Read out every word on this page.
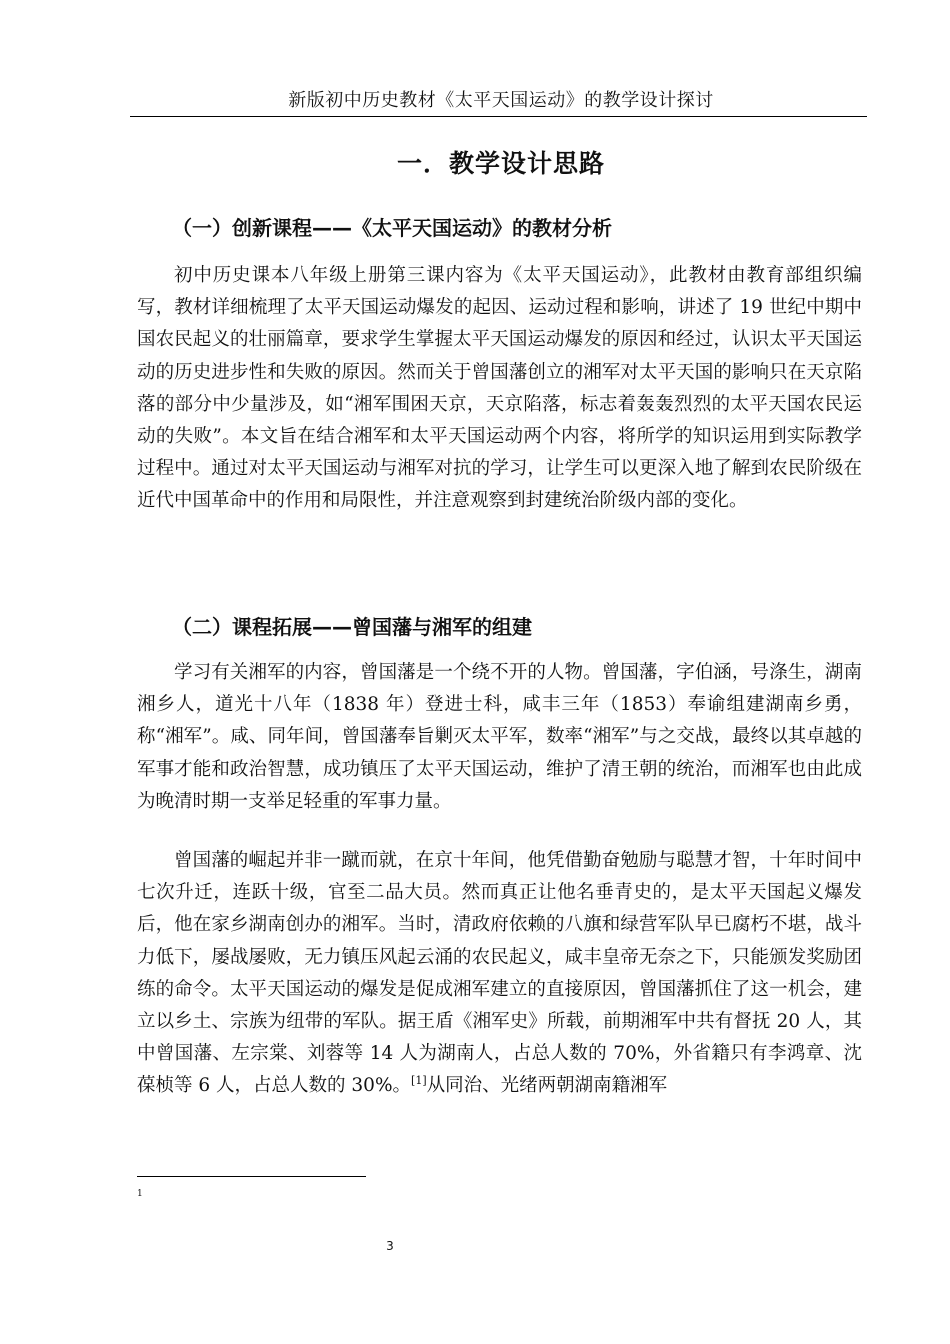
新版初中历史教材《太平天国运动》的教学设计探讨
一．教学设计思路
（一）创新课程——《太平天国运动》的教材分析

初中历史课本八年级上册第三课内容为《太平天国运动》，此教材由教育部组织编写，教材详细梳理了太平天国运动爆发的起因、运动过程和影响，讲述了 19 世纪中期中国农民起义的壮丽篇章，要求学生掌握太平天国运动爆发的原因和经过，认识太平天国运动的历史进步性和失败的原因。然而关于曾国藩创立的湘军对太平天国的影响只在天京陷落的部分中少量涉及，如“湘军围困天京，天京陷落，标志着轰轰烈烈的太平天国农民运动的失败”。本文旨在结合湘军和太平天国运动两个内容，将所学的知识运用到实际教学过程中。通过对太平天国运动与湘军对抗的学习，让学生可以更深入地了解到农民阶级在近代中国革命中的作用和局限性，并注意观察到封建统治阶级内部的变化。

（二）课程拓展——曾国藩与湘军的组建

学习有关湘军的内容，曾国藩是一个绕不开的人物。曾国藩，字伯涵，号涤生，湖南湘乡人，道光十八年（1838 年）登进士科，咸丰三年（1853）奉谕组建湖南乡勇，称“湘军”。咸、同年间，曾国藩奉旨剿灭太平军，数率“湘军”与之交战，最终以其卓越的军事才能和政治智慧，成功镇压了太平天国运动，维护了清王朝的统治，而湘军也由此成为晚清时期一支举足轻重的军事力量。

曾国藩的崛起并非一蹴而就，在京十年间，他凭借勤奋勉励与聪慧才智，十年时间中七次升迁，连跃十级，官至二品大员。然而真正让他名垂青史的，是太平天国起义爆发后，他在家乡湖南创办的湘军。当时，清政府依赖的八旗和绿营军队早已腐朽不堪，战斗力低下，屡战屡败，无力镇压风起云涌的农民起义，咸丰皇帝无奈之下，只能颁发奖励团练的命令。太平天国运动的爆发是促成湘军建立的直接原因，曾国藩抓住了这一机会，建立以乡土、宗族为纽带的军队。据王盾《湘军史》所载，前期湘军中共有督抚 20 人，其中曾国藩、左宗棠、刘蓉等 14 人为湖南人，占总人数的 70%，外省籍只有李鸿章、沈葆桢等 6 人，占总人数的 30%。[1]从同治、光绪两朝湖南籍湘军

1
3
